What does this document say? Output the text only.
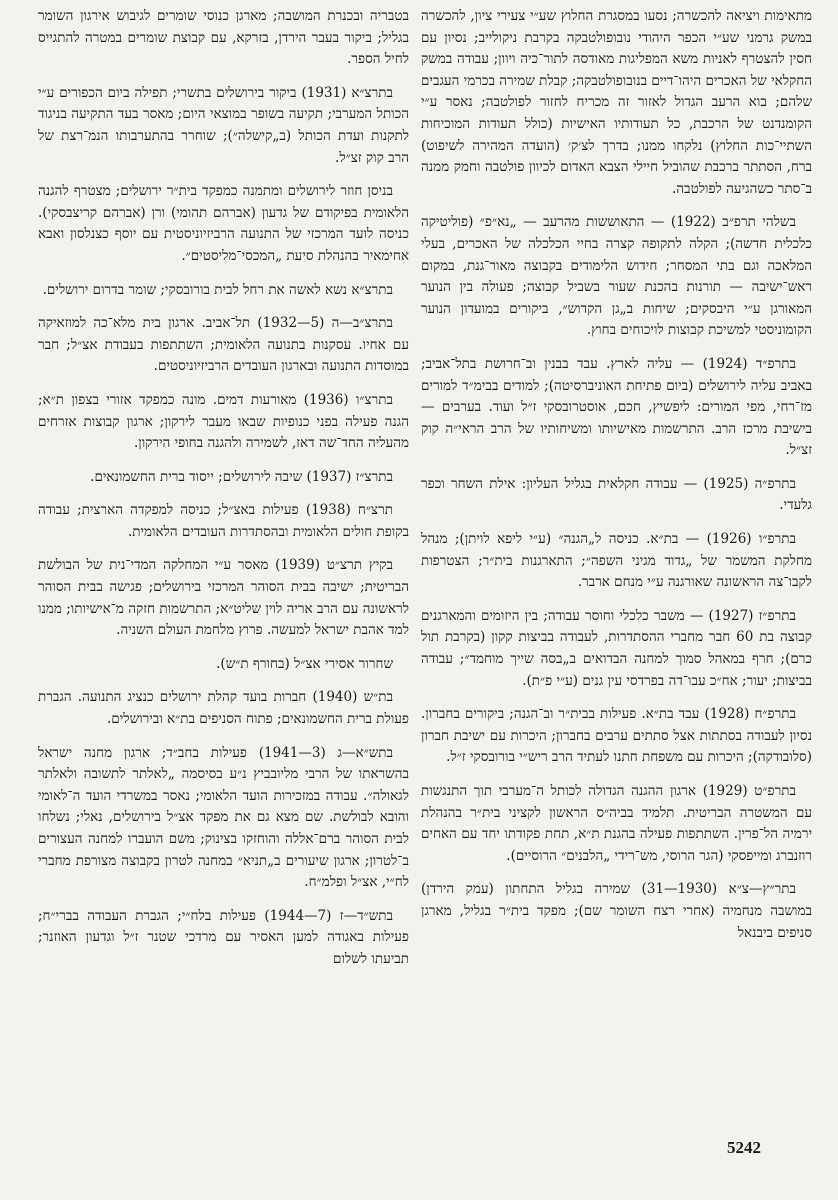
מתאימות ויציאה להכשרה; נסעו במסגרת החלוץ שע״י צעירי ציון, להכשרה במשק גרמני שע״י הכפר היהודי נובופולטבקה בקרבת ניקולייב; נסיון עם חסין להצטרף לאניות משא המפליגות מאודסה לתור־כיה ויוון; עבודה במשק החקלאי של האכרים היהו־דיים בנובופולטבקה; קבלת שמירה בכרמי העגבים שלהם; בוא הרעב הגדול לאזור זה מכריח לחזור לפולטבה; נאסר ע״י הקומנדנט של הרכבת, כל תעודותיו האישיות (כולל תעודות המוכיחות השתיי־כות החלוץ) נלקחו ממנו; בדרך לצ׳ק׳ (הועדה המהירה לשיפוט) ברח, הסתתר ברכבת שהוביל חיילי הצבא האדום לכיוון פולטבה וחמק ממנה ב־סתר כשהגיעה לפולטבה.

בשלהי תרפ״ב (1922) — התאוששות מהרעב — „נא״פ״ (פוליטיקה כלכלית חדשה); הקלה לתקופה קצרה בחיי הכלכלה של האכרים, בעלי המלאכה וגם בתי המסחר; חידוש הלימודים בקבוצה מאור־גנת, במקום ראש־ישיבה — תורנות בהכנת שעור בשביל קבוצה; פעולה בין הנוער המאורגן ע״י היבסקים; שיחות ב„גן הקדוש״, ביקורים במועדון הנוער הקומוניסטי למשיכת קבוצות לויכוחים בחוץ.

בתרפ״ד (1924) — עליה לארץ. עבד בבנין וב־חרושת בתל־אביב; באביב עליה לירושלים (ביום פתיחת האוניברסיטה); למודים בבימ״ד למורים מז־רחי, מפי המורים: ליפשיץ, חכם, אוסטרובסקי ז״ל ועוד. בערבים — בישיבת מרכז הרב. התרשמות מאישיותו ומשיחותיו של הרב הראי״ה קוק זצ״ל.

בתרפ״ה (1925) — עבודה חקלאית בגליל העליון: אילת השחר וכפר גלעדי.

בתרפ״ו (1926) — בת״א. כניסה ל„הגנה״ (ע״י ליפא לויתן); מנהל מחלקת המשמר של „גדוד מגיני השפה״; התארגנות בית״ר; הצטרפות לקבו־צה הראשונה שאורגנה ע״י מנחם ארבר.

בתרפ״ז (1927) — משבר כלכלי וחוסר עבודה; בין היזומים והמארגנים קבוצה בת 60 חבר מחברי ההסתדרות, לעבודה בביצות קקון (בקרבת תול כרם); חרף במאהל סמוך למחנה הבדואים ב„בסה שייך מוחמד״; עבודה בביצות; יעור; אח״כ עבו־דה בפרדסי עין גנים (ע״י פ״ת).

בתרפ״ח (1928) עבד בת״א. פעילות בבית״ר וב־הגנה; ביקורים בחברון. נסיון לעבודה בסתתות אצל סתתים ערבים בחברון; היכרות עם ישיבת חברון (סלובודקה); היכרות עם משפחת חתנו לעתיד הרב ריש״י בורובסקי ז״ל.

בתרפ״ט (1929) ארגון ההגנה הגדולה לכותל ה־מערבי תוך התנגשות עם המשטרה הבריטית. תלמיד בביה״ס הראשון לקציני בית״ר בהנהלת ירמיה הל־פרין. השתתפות פעילה בהגנת ת״א, תחת פקודתו יחד עם האחים רוזנברג ומייפסקי (הגר הרוסי, מש־רידי „הלבנים״ הרוסיים).

בתר״ץ—צ״א (1930—31) שמירה בגליל התחתון (עמק הירדן) במושבה מנחמיה (אחרי רצח השומר שם); מפקד בית״ר בגליל, מארגן סניפים ביבנאל

בטבריה ובכנרת המושבה; מארגן כנוסי שומרים לגיבוש אירגון השומר בגליל; ביקור בעבר הירדן, בזרקא, עם קבוצת שומרים במטרה להתגייס לחיל הספר.

בתרצ״א (1931) ביקור בירושלים בתשרי; תפילה ביום הכפורים ע״י הכותל המערבי; תקיעה בשופר במוצאי היום; מאסר בעד התקיעה בניגוד לתקנות ועדת הכותל (ב„קישלה״); שוחרר בהתערבותו הנמ־רצת של הרב קוק זצ״ל.

בניסן חוזר לירושלים ומתמנה כמפקד בית״ר ירושלים; מצטרף להגנה הלאומית בפיקודם של גדעון (אברהם תהומי) ורן (אברהם קריצבסקי). כניסה לועד המרכזי של התנועה הרביזיוניסטית עם יוסף כצנלסון ואבא אחימאיר בהנהלת סיעת „המכסי־מליסטים״.

בתרצ״א נשא לאשה את רחל לבית בורובסקי; שומר בדרום ירושלים.

בתרצ״ב—ה (5—1932) תל־אביב. ארגון בית מלא־כה למוזאיקה עם אחיו. עסקנות בתנועה הלאומית; השתתפות בעבודת אצ״ל; חבר במוסדות התנועה ובארגון העובדים הרביזיוניסטים.

בתרצ״ו (1936) מאורעות דמים. מונה כמפקד אזורי בצפון ת״א; הגנה פעילה בפני כנופיות שבאו מעבר לירקון; ארגון קבוצות אזרחים מהעליה החד־שה דאז, לשמירה ולהגנה בחופי הירקון.

בתרצ״ז (1937) שיבה לירושלים; ייסוד ברית החשמונאים.

תרצ״ח (1938) פעילות באצ״ל; כניסה למפקדה הארצית; עבודה בקופת חולים הלאומית ובהסתדרות העובדים הלאומית.

בקיץ תרצ״ט (1939) מאסר ע״י המחלקה המדי־נית של הבולשת הבריטית; ישיבה בבית הסוהר המרכזי בירושלים; פגישה בבית הסוהר לראשונה עם הרב אריה לוין שליט״א; התרשמות חזקה מ־אישיותו; ממנו למד אהבת ישראל למעשה. פרוץ מלחמת העולם השניה.

שחרור אסירי אצ״ל (בחורף ת״ש).

בת״ש (1940) חברות בועד קהלת ירושלים כנציג התנועה. הגברת פעולת ברית החשמונאים; פתוח הסניפים בת״א ובירושלים.

בתש״א—ג (3—1941) פעילות בחב״ד; ארגון מחנה ישראל בהשראתו של הרבי מליובביץ נ״ע בסיסמה „לאלתר לתשובה ולאלתר לגאולה״. עבודה במזכירות הועד הלאומי; נאסר במשרדי הועד ה־לאומי והובא לבולשת. שם מצא גם את מפקד אצ״ל בירושלים, נאלי; נשלחו לבית הסוהר ברם־אללה והוחזקו בצינוק; משם הועברו למחנה העצורים ב־לטרון; ארגון שיעורים ב„תניא״ במחנה לטרון בקבוצה מצורפת מחברי לח״י, אצ״ל ופלמ״ח.

בתש״ד—ז (7—1944) פעילות בלח״י; הגברת העבודה בברי״ח; פעילות באגודה למען האסיר עם מרדכי שטנר ז״ל וגדעון האוזנר; תביעתו לשלום

5242
